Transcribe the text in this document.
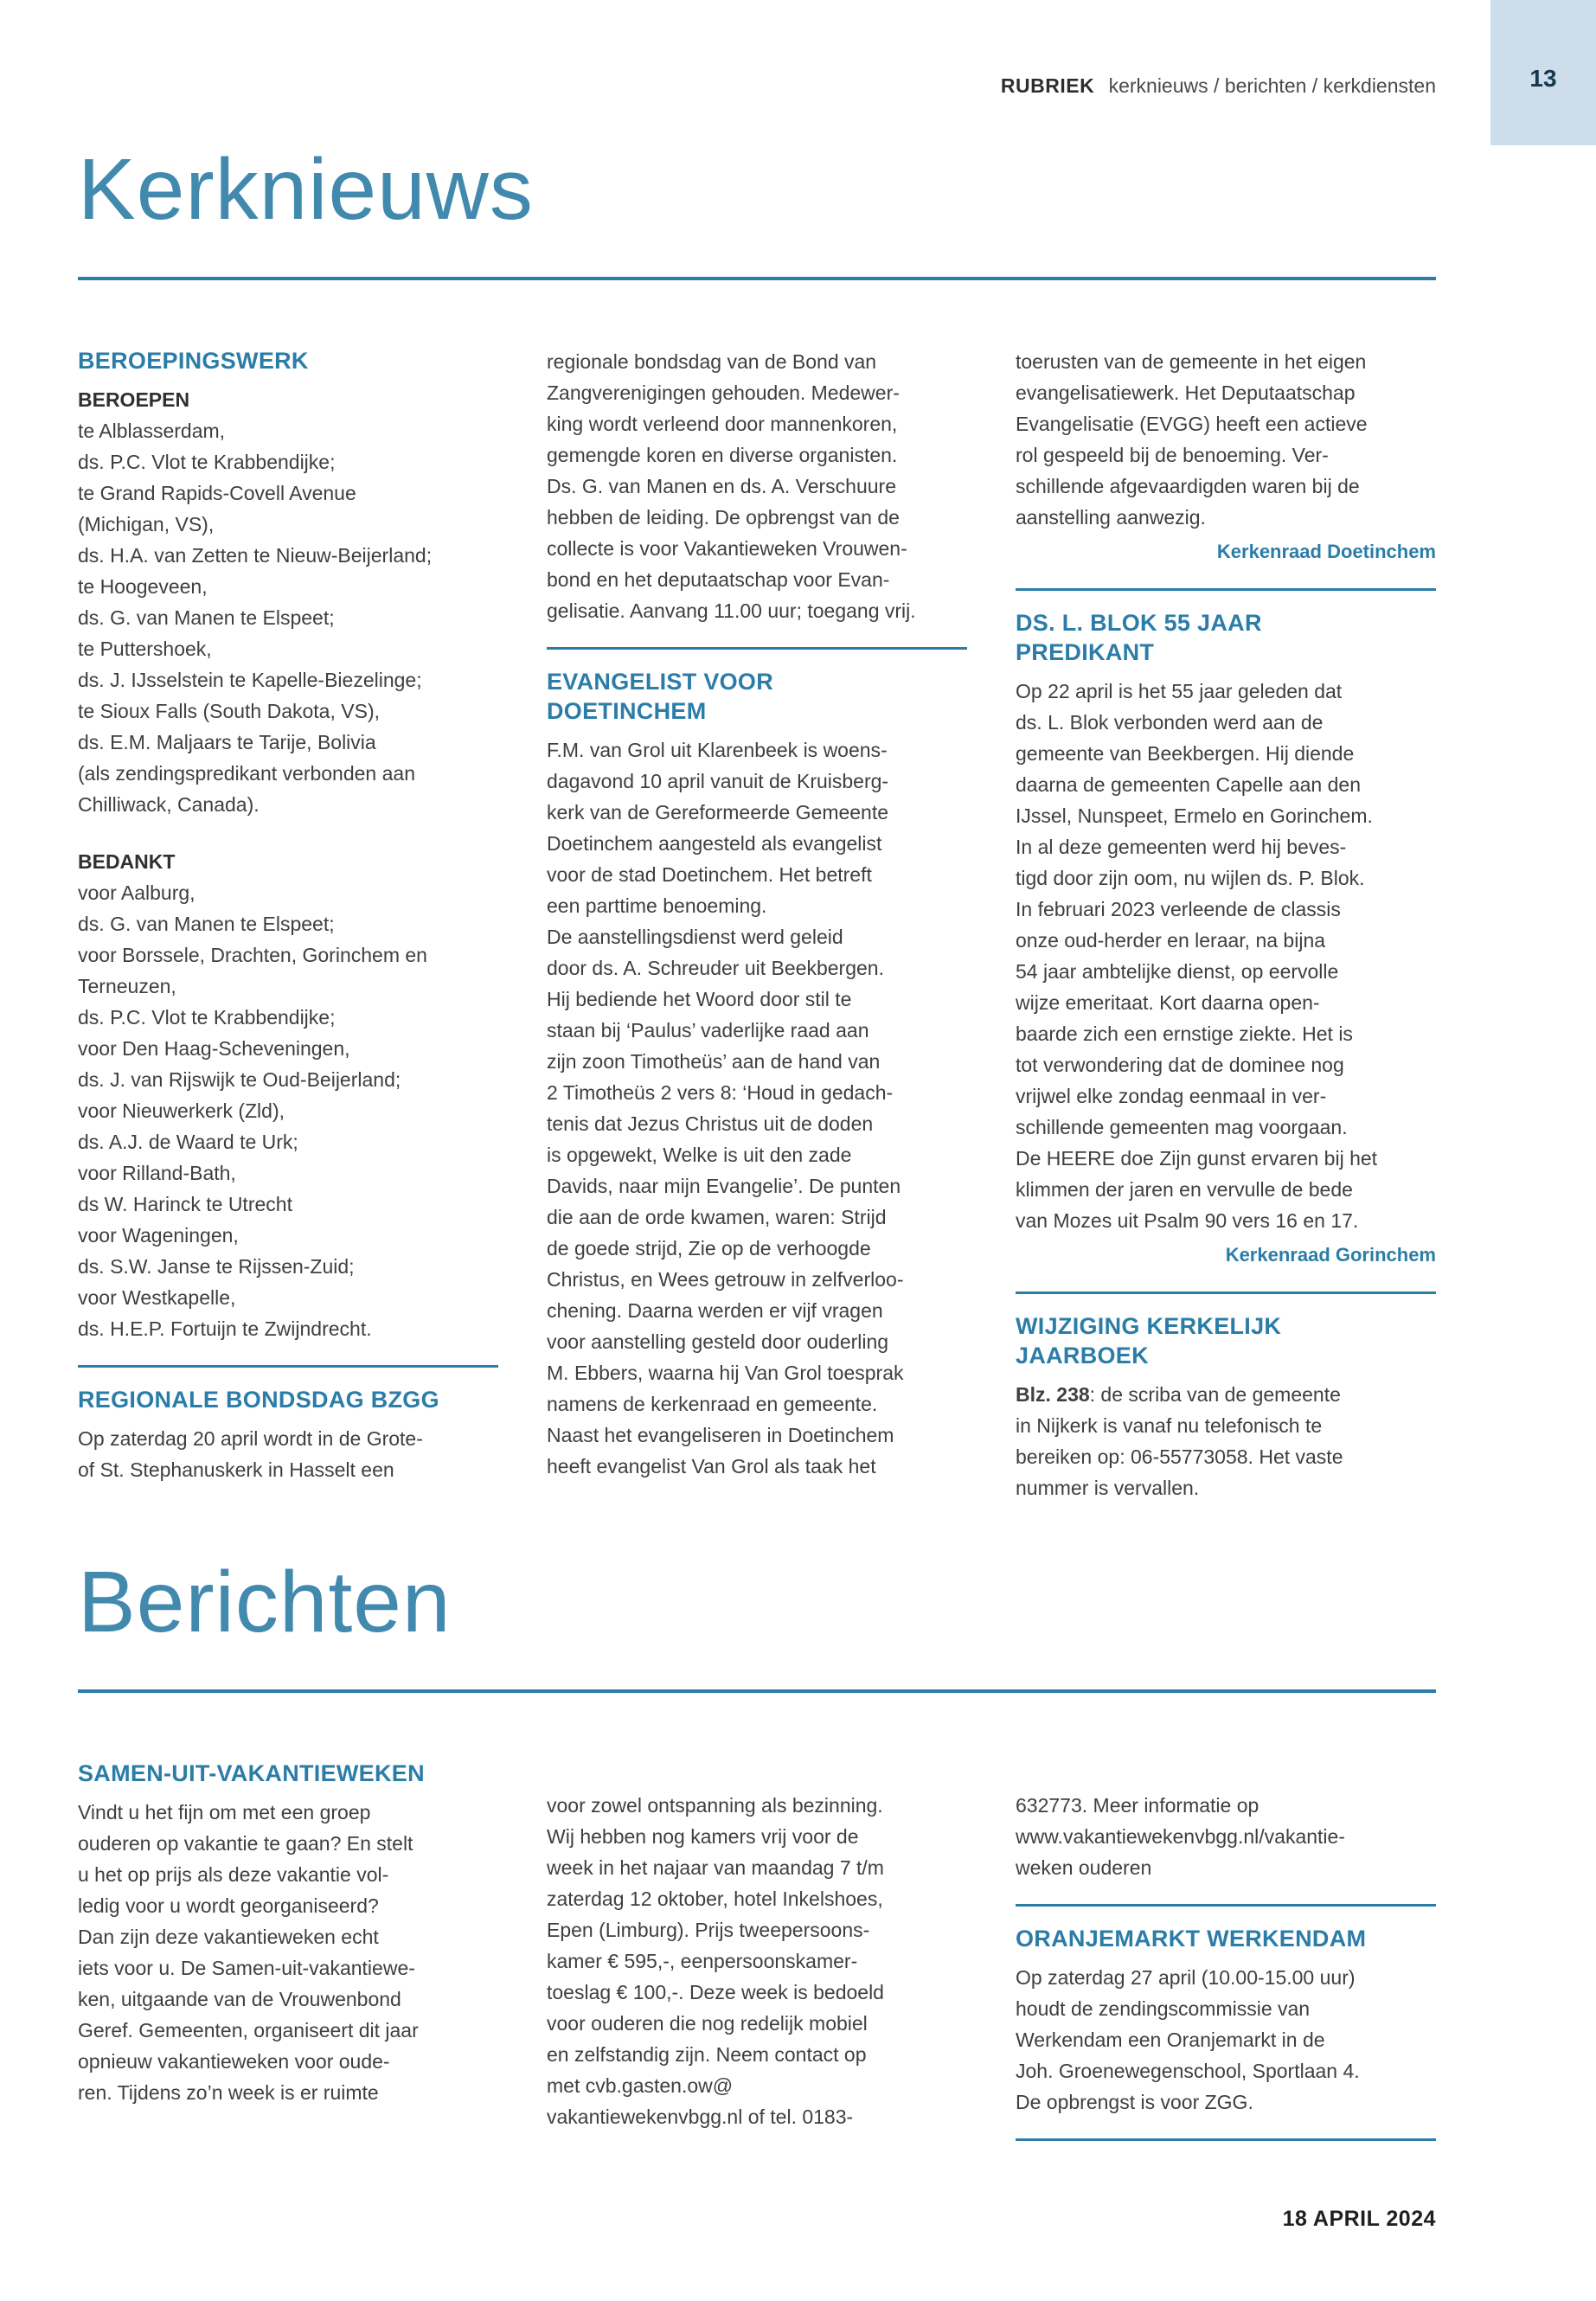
13
RUBRIEK kerknieuws / berichten / kerkdiensten
Kerknieuws
BEROEPINGSWERK
BEROEPEN
te Alblasserdam,
ds. P.C. Vlot te Krabbendijke;
te Grand Rapids-Covell Avenue
(Michigan, VS),
ds. H.A. van Zetten te Nieuw-Beijerland;
te Hoogeveen,
ds. G. van Manen te Elspeet;
te Puttershoek,
ds. J. IJsselstein te Kapelle-Biezelinge;
te Sioux Falls (South Dakota, VS),
ds. E.M. Maljaars te Tarije, Bolivia
(als zendingspredikant verbonden aan
Chilliwack, Canada).
BEDANKT
voor Aalburg,
ds. G. van Manen te Elspeet;
voor Borssele, Drachten, Gorinchem en
Terneuzen,
ds. P.C. Vlot te Krabbendijke;
voor Den Haag-Scheveningen,
ds. J. van Rijswijk te Oud-Beijerland;
voor Nieuwerkerk (Zld),
ds. A.J. de Waard te Urk;
voor Rilland-Bath,
ds W. Harinck te Utrecht
voor Wageningen,
ds. S.W. Janse te Rijssen-Zuid;
voor Westkapelle,
ds. H.E.P. Fortuijn te Zwijndrecht.
REGIONALE BONDSDAG BZGG
Op zaterdag 20 april wordt in de Grote-
of St. Stephanuskerk in Hasselt een
regionale bondsdag van de Bond van
Zangverenigingen gehouden. Medewer-
king wordt verleend door mannenkoren,
gemengde koren en diverse organisten.
Ds. G. van Manen en ds. A. Verschuure
hebben de leiding. De opbrengst van de
collecte is voor Vakantieweken Vrouwen-
bond en het deputaatschap voor Evan-
gelisatie. Aanvang 11.00 uur; toegang vrij.
EVANGELIST VOOR
DOETINCHEM
F.M. van Grol uit Klarenbeek is woens-
dagavond 10 april vanuit de Kruisberg-
kerk van de Gereformeerde Gemeente
Doetinchem aangesteld als evangelist
voor de stad Doetinchem. Het betreft
een parttime benoeming.
De aanstellingsdienst werd geleid
door ds. A. Schreuder uit Beekbergen.
Hij bediende het Woord door stil te
staan bij ‘Paulus’ vaderlijke raad aan
zijn zoon Timotheüs’ aan de hand van
2 Timotheüs 2 vers 8: ‘Houd in gedach-
tenis dat Jezus Christus uit de doden
is opgewekt, Welke is uit den zade
Davids, naar mijn Evangelie’. De punten
die aan de orde kwamen, waren: Strijd
de goede strijd, Zie op de verhoogde
Christus, en Wees getrouw in zelfverloo-
chening. Daarna werden er vijf vragen
voor aanstelling gesteld door ouderling
M. Ebbers, waarna hij Van Grol toesprak
namens de kerkenraad en gemeente.
Naast het evangeliseren in Doetinchem
heeft evangelist Van Grol als taak het
toerusten van de gemeente in het eigen
evangelisatiewerk. Het Deputaatschap
Evangelisatie (EVGG) heeft een actieve
rol gespeeld bij de benoeming. Ver-
schillende afgevaardigden waren bij de
aanstelling aanwezig.
Kerkenraad Doetinchem
DS. L. BLOK 55 JAAR
PREDIKANT
Op 22 april is het 55 jaar geleden dat
ds. L. Blok verbonden werd aan de
gemeente van Beekbergen. Hij diende
daarna de gemeenten Capelle aan den
IJssel, Nunspeet, Ermelo en Gorinchem.
In al deze gemeenten werd hij beves-
tigd door zijn oom, nu wijlen ds. P. Blok.
In februari 2023 verleende de classis
onze oud-herder en leraar, na bijna
54 jaar ambtelijke dienst, op eervolle
wijze emeritaat. Kort daarna open-
baarde zich een ernstige ziekte. Het is
tot verwondering dat de dominee nog
vrijwel elke zondag eenmaal in ver-
schillende gemeenten mag voorgaan.
De HEERE doe Zijn gunst ervaren bij het
klimmen der jaren en vervulle de bede
van Mozes uit Psalm 90 vers 16 en 17.
Kerkenraad Gorinchem
WIJZIGING KERKELIJK
JAARBOEK
Blz. 238: de scriba van de gemeente
in Nijkerk is vanaf nu telefonisch te
bereiken op: 06-55773058. Het vaste
nummer is vervallen.
Berichten
SAMEN-UIT-VAKANTIEWEKEN
Vindt u het fijn om met een groep
ouderen op vakantie te gaan? En stelt
u het op prijs als deze vakantie vol-
ledig voor u wordt georganiseerd?
Dan zijn deze vakantieweken echt
iets voor u. De Samen-uit-vakantiewe-
ken, uitgaande van de Vrouwenbond
Geref. Gemeenten, organiseert dit jaar
opnieuw vakantieweken voor oude-
ren. Tijdens zo’n week is er ruimte
voor zowel ontspanning als bezinning.
Wij hebben nog kamers vrij voor de
week in het najaar van maandag 7 t/m
zaterdag 12 oktober, hotel Inkelshoes,
Epen (Limburg). Prijs tweepersoons-
kamer € 595,-, eenpersoonskamer-
toeslag € 100,-. Deze week is bedoeld
voor ouderen die nog redelijk mobiel
en zelfstandig zijn. Neem contact op
met cvb.gasten.ow@
vakantiewekenvbgg.nl of tel. 0183-
632773. Meer informatie op
www.vakantiewekenvbgg.nl/vakantie-
weken ouderen
ORANJEMARKT WERKENDAM
Op zaterdag 27 april (10.00-15.00 uur)
houdt de zendingscommissie van
Werkendam een Oranjemarkt in de
Joh. Groenewegenschool, Sportlaan 4.
De opbrengst is voor ZGG.
18 APRIL 2024
